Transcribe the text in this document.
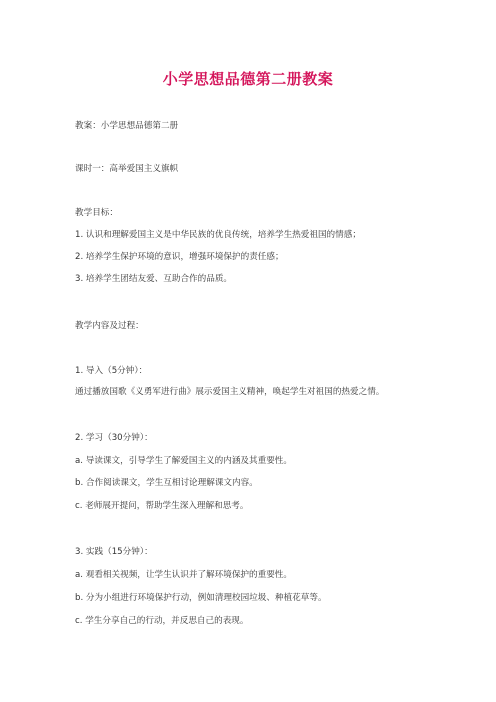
小学思想品德第二册教案
教案：小学思想品德第二册
课时一：高举爱国主义旗帜
教学目标：
1. 认识和理解爱国主义是中华民族的优良传统，培养学生热爱祖国的情感；
2. 培养学生保护环境的意识，增强环境保护的责任感；
3. 培养学生团结友爱、互助合作的品质。
教学内容及过程：
1. 导入（5分钟）：
通过播放国歌《义勇军进行曲》展示爱国主义精神，唤起学生对祖国的热爱之情。
2. 学习（30分钟）：
a. 导读课文，引导学生了解爱国主义的内涵及其重要性。
b. 合作阅读课文，学生互相讨论理解课文内容。
c. 老师展开提问，帮助学生深入理解和思考。
3. 实践（15分钟）：
a. 观看相关视频，让学生认识并了解环境保护的重要性。
b. 分为小组进行环境保护行动，例如清理校园垃圾、种植花草等。
c. 学生分享自己的行动，并反思自己的表现。
